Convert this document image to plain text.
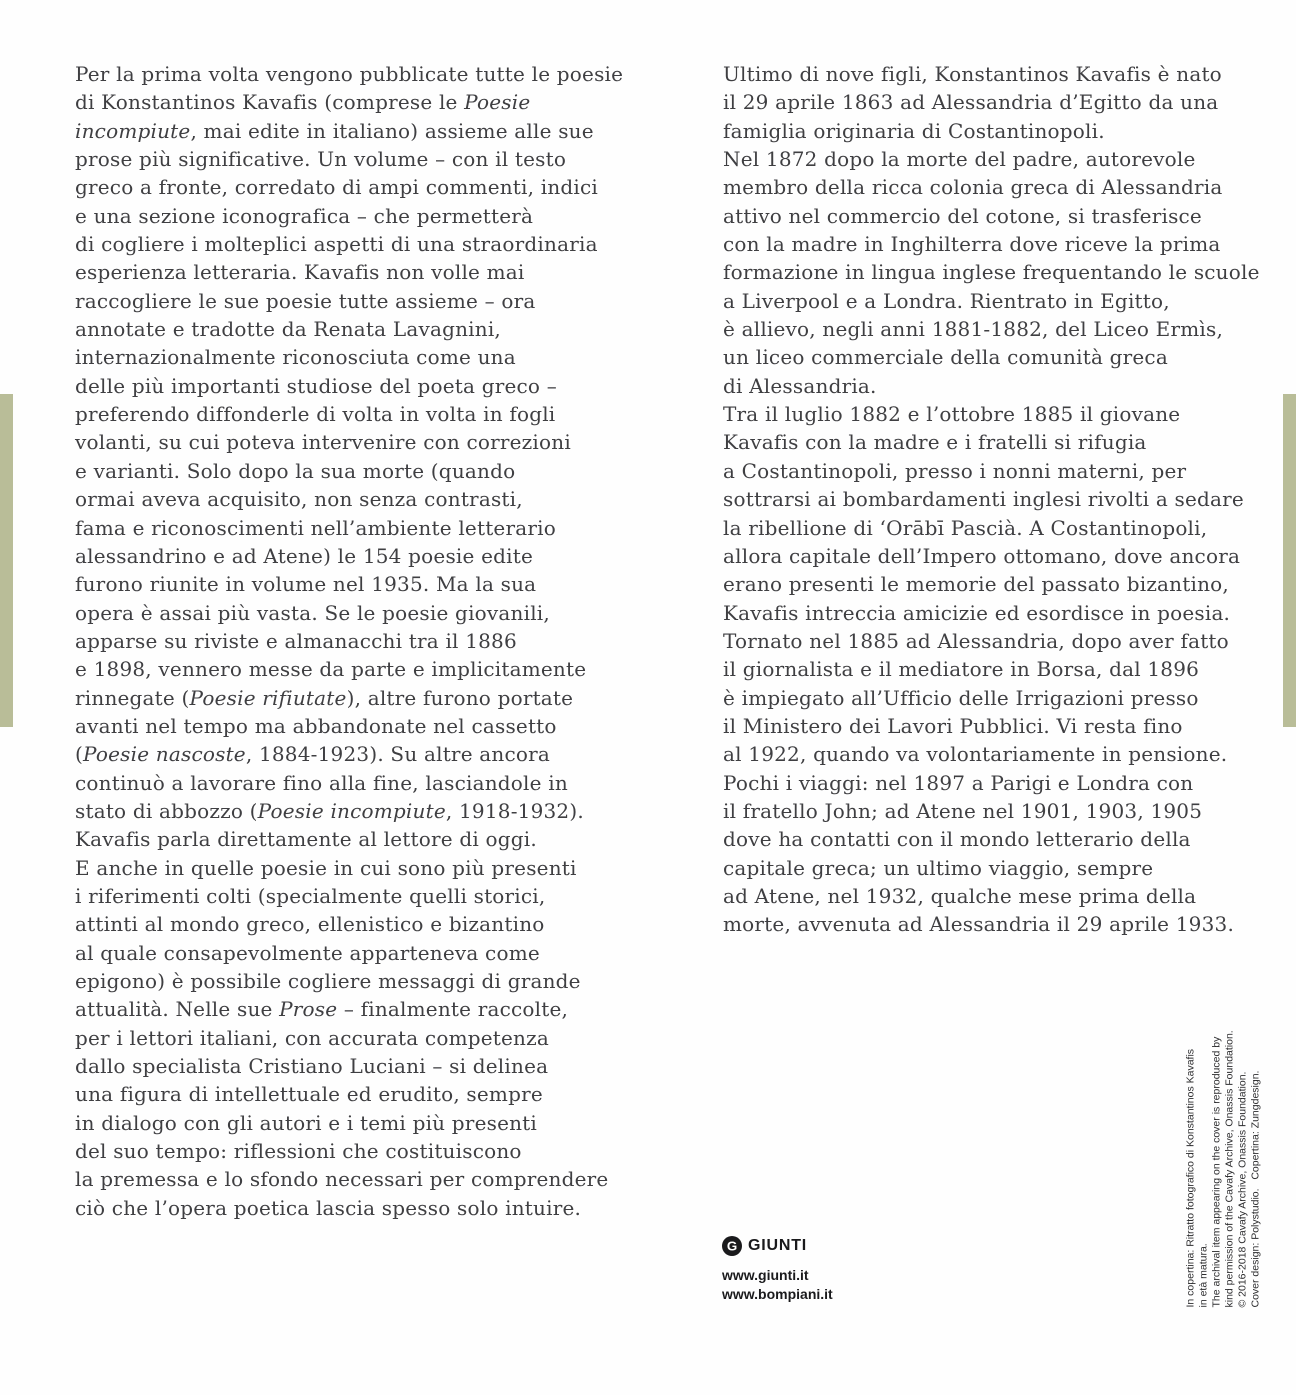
Per la prima volta vengono pubblicate tutte le poesie
di Konstantinos Kavafis (comprese le Poesie
incompiute, mai edite in italiano) assieme alle sue
prose più significative. Un volume – con il testo
greco a fronte, corredato di ampi commenti, indici
e una sezione iconografica – che permetterà
di cogliere i molteplici aspetti di una straordinaria
esperienza letteraria. Kavafis non volle mai
raccogliere le sue poesie tutte assieme – ora
annotate e tradotte da Renata Lavagnini,
internazionalmente riconosciuta come una
delle più importanti studiose del poeta greco –
preferendo diffonderle di volta in volta in fogli
volanti, su cui poteva intervenire con correzioni
e varianti. Solo dopo la sua morte (quando
ormai aveva acquisito, non senza contrasti,
fama e riconoscimenti nell’ambiente letterario
alessandrino e ad Atene) le 154 poesie edite
furono riunite in volume nel 1935. Ma la sua
opera è assai più vasta. Se le poesie giovanili,
apparse su riviste e almanacchi tra il 1886
e 1898, vennero messe da parte e implicitamente
rinnegate (Poesie rifiutate), altre furono portate
avanti nel tempo ma abbandonate nel cassetto
(Poesie nascoste, 1884-1923). Su altre ancora
continuò a lavorare fino alla fine, lasciandole in
stato di abbozzo (Poesie incompiute, 1918-1932).
Kavafis parla direttamente al lettore di oggi.
E anche in quelle poesie in cui sono più presenti
i riferimenti colti (specialmente quelli storici,
attinti al mondo greco, ellenistico e bizantino
al quale consapevolmente apparteneva come
epigono) è possibile cogliere messaggi di grande
attualità. Nelle sue Prose – finalmente raccolte,
per i lettori italiani, con accurata competenza
dallo specialista Cristiano Luciani – si delinea
una figura di intellettuale ed erudito, sempre
in dialogo con gli autori e i temi più presenti
del suo tempo: riflessioni che costituiscono
la premessa e lo sfondo necessari per comprendere
ciò che l’opera poetica lascia spesso solo intuire.
Ultimo di nove figli, Konstantinos Kavafis è nato
il 29 aprile 1863 ad Alessandria d’Egitto da una
famiglia originaria di Costantinopoli.
Nel 1872 dopo la morte del padre, autorevole
membro della ricca colonia greca di Alessandria
attivo nel commercio del cotone, si trasferisce
con la madre in Inghilterra dove riceve la prima
formazione in lingua inglese frequentando le scuole
a Liverpool e a Londra. Rientrato in Egitto,
è allievo, negli anni 1881-1882, del Liceo Ermìs,
un liceo commerciale della comunità greca
di Alessandria.
Tra il luglio 1882 e l’ottobre 1885 il giovane
Kavafis con la madre e i fratelli si rifugia
a Costantinopoli, presso i nonni materni, per
sottrarsi ai bombardamenti inglesi rivolti a sedare
la ribellione di ʻOrābī Pascià. A Costantinopoli,
allora capitale dell’Impero ottomano, dove ancora
erano presenti le memorie del passato bizantino,
Kavafis intreccia amicizie ed esordisce in poesia.
Tornato nel 1885 ad Alessandria, dopo aver fatto
il giornalista e il mediatore in Borsa, dal 1896
è impiegato all’Ufficio delle Irrigazioni presso
il Ministero dei Lavori Pubblici. Vi resta fino
al 1922, quando va volontariamente in pensione.
Pochi i viaggi: nel 1897 a Parigi e Londra con
il fratello John; ad Atene nel 1901, 1903, 1905
dove ha contatti con il mondo letterario della
capitale greca; un ultimo viaggio, sempre
ad Atene, nel 1932, qualche mese prima della
morte, avvenuta ad Alessandria il 29 aprile 1933.
In copertina: Ritratto fotografico di Konstantinos Kavafis in età matura. The archival item appearing on the cover is reproduced by kind permission of the Cavafy Archive, Onassis Foundation. © 2016-2018 Cavafy Archive, Onassis Foundation. Cover design: Polystudio.   Copertina: Zungdesign.
G GIUNTI
www.giunti.it
www.bompiani.it
